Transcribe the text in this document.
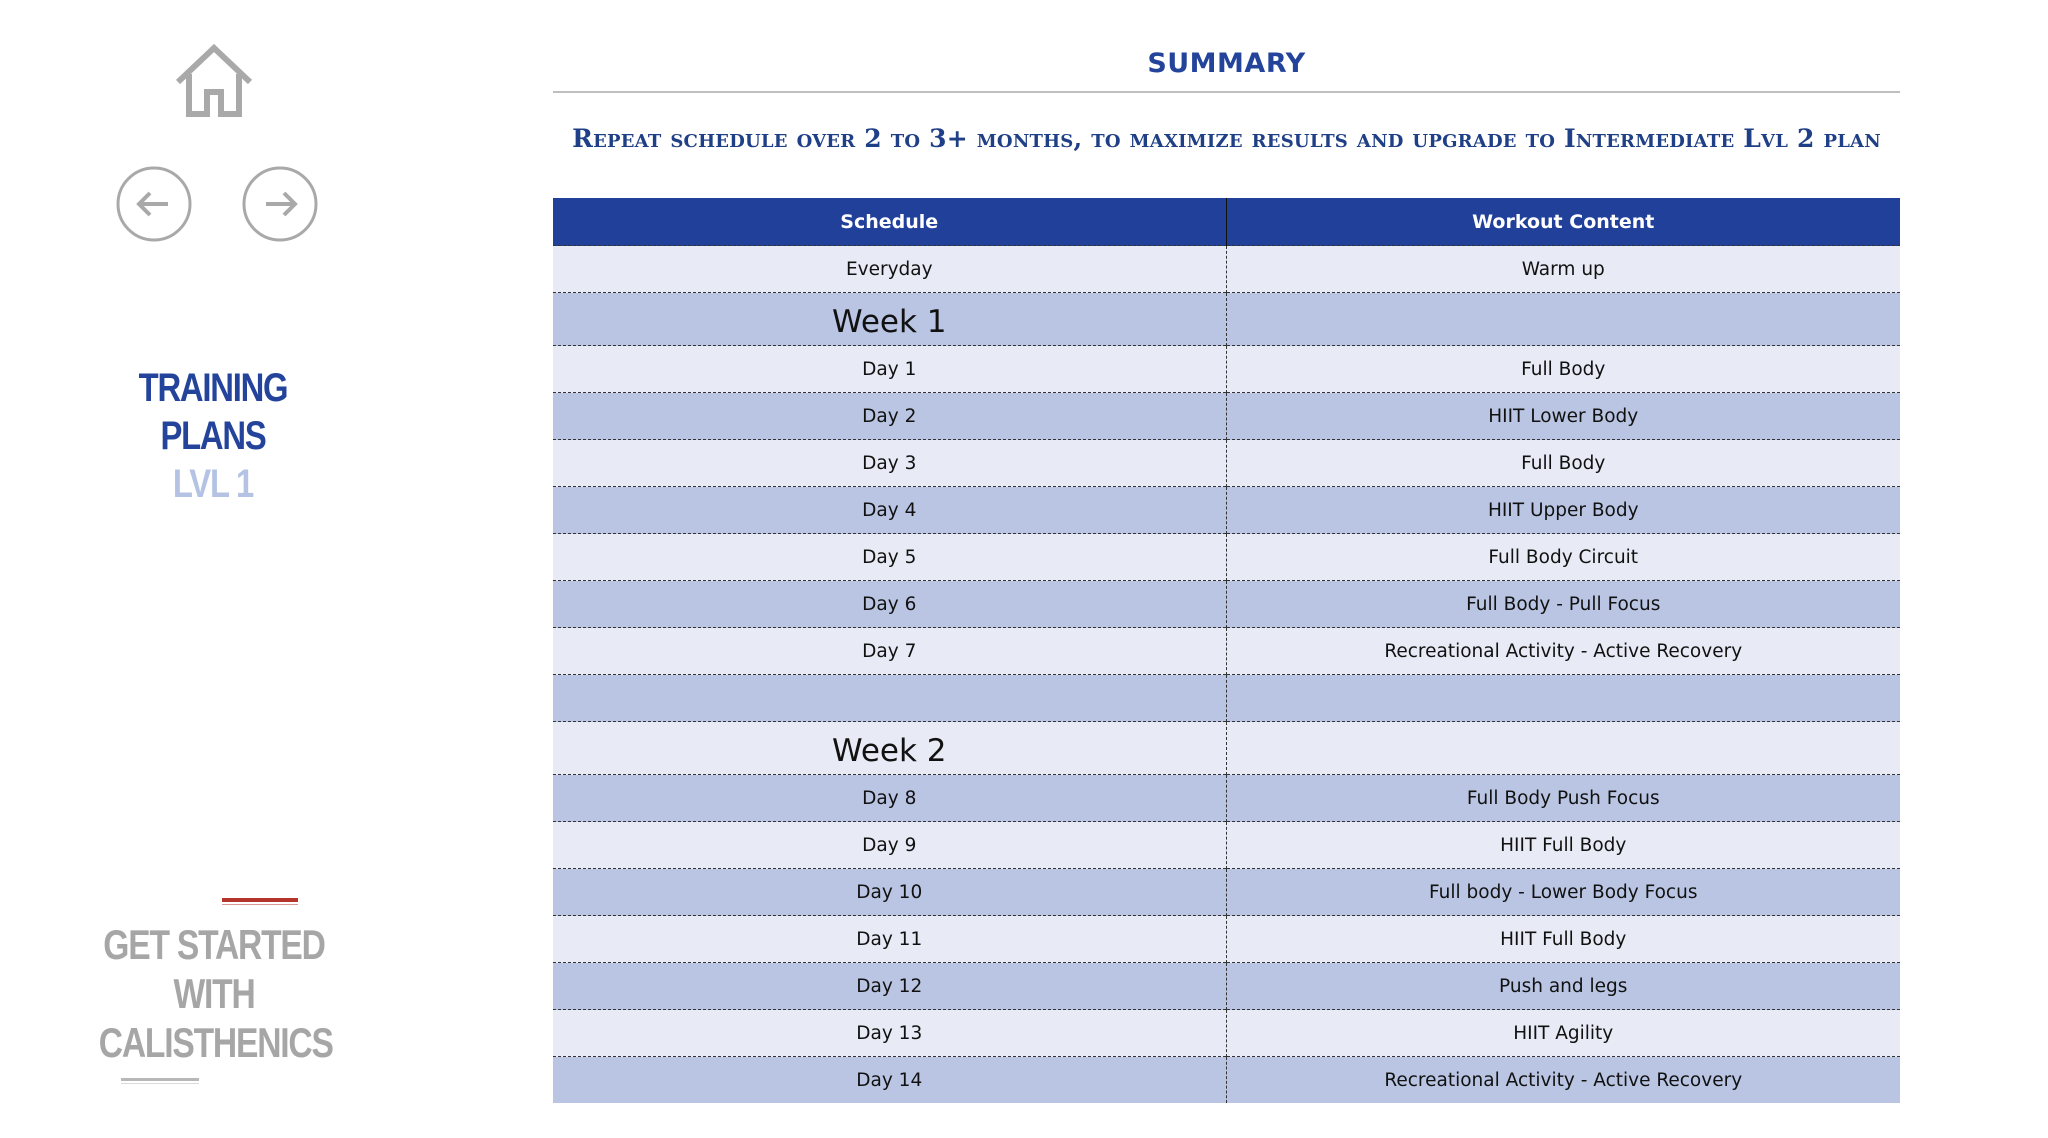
TRAINING PLANS
LVL 1
GET STARTED
WITH
CALISTHENICS
SUMMARY
Repeat schedule over 2 to 3+ months, to maximize results and upgrade to Intermediate Lvl 2 plan
Schedule	Workout Content
Everyday	Warm up
Week 1	
Day 1	Full Body
Day 2	HIIT Lower Body
Day 3	Full Body
Day 4	HIIT Upper Body
Day 5	Full Body Circuit
Day 6	Full Body - Pull Focus
Day 7	Recreational Activity - Active Recovery

Week 2	
Day 8	Full Body Push Focus
Day 9	HIIT Full Body
Day 10	Full body - Lower Body Focus
Day 11	HIIT Full Body
Day 12	Push and legs
Day 13	HIIT Agility
Day 14	Recreational Activity - Active Recovery
